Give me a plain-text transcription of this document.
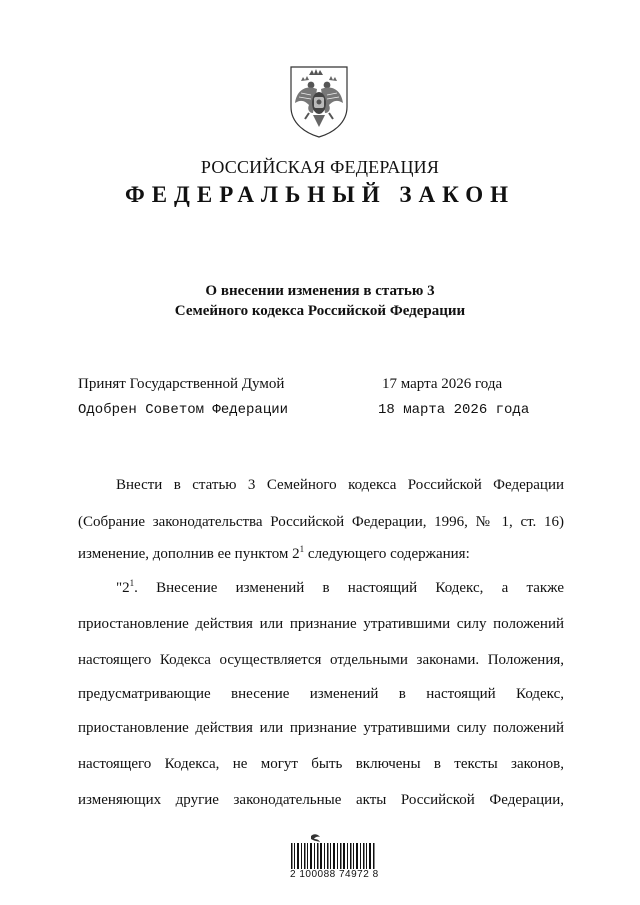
РОССИЙСКАЯ ФЕДЕРАЦИЯ
ФЕДЕРАЛЬНЫЙ ЗАКОН
О внесении изменения в статью 3
Семейного кодекса Российской Федерации
Принят Государственной Думой	17 марта 2026 года
Одобрен Советом Федерации	18 марта 2026 года
Внести в статью 3 Семейного кодекса Российской Федерации
(Собрание законодательства Российской Федерации, 1996, № 1, ст. 16)
изменение, дополнив ее пунктом $2^1$ следующего содержания:
"$2^1$. Внесение изменений в настоящий Кодекс, а также
приостановление действия или признание утратившими силу положений
настоящего Кодекса осуществляется отдельными законами. Положения,
предусматривающие внесение изменений в настоящий Кодекс,
приостановление действия или признание утратившими силу положений
настоящего Кодекса, не могут быть включены в тексты законов,
изменяющих другие законодательные акты Российской Федерации,
2 100088 74972 8
